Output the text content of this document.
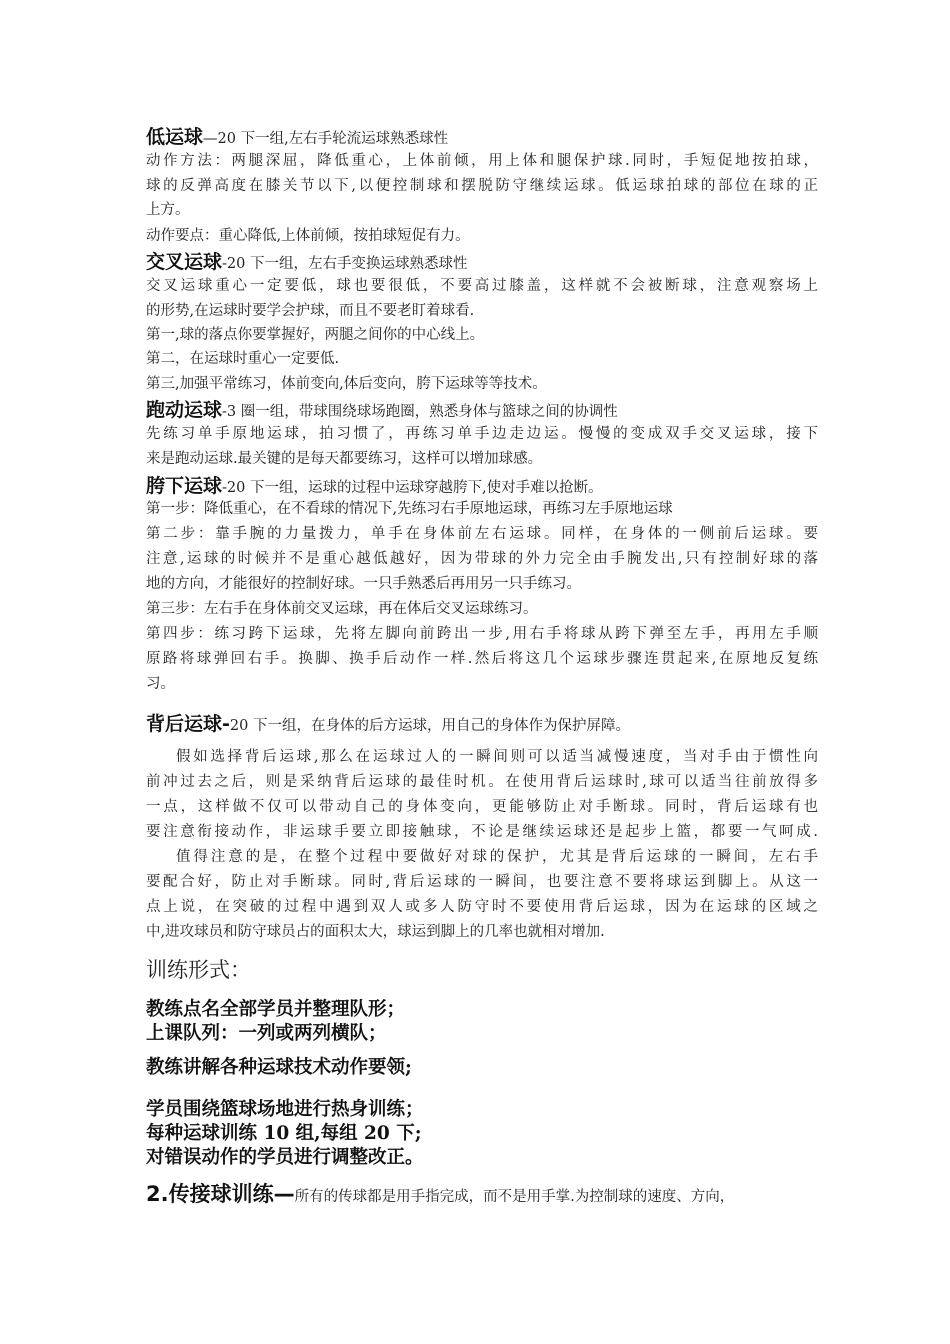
低运球—20 下一组,左右手轮流运球熟悉球性
动作方法：两腿深屈，降低重心，上体前倾，用上体和腿保护球.同时，手短促地按拍球，
球的反弹高度在膝关节以下,以便控制球和摆脱防守继续运球。低运球拍球的部位在球的正
上方。
动作要点：重心降低,上体前倾，按拍球短促有力。
交叉运球-20 下一组，左右手变换运球熟悉球性
交叉运球重心一定要低，球也要很低，不要高过膝盖，这样就不会被断球，注意观察场上
的形势,在运球时要学会护球，而且不要老盯着球看.
第一,球的落点你要掌握好，两腿之间你的中心线上。
第二，在运球时重心一定要低.
第三,加强平常练习，体前变向,体后变向，胯下运球等等技术。
跑动运球-3 圈一组，带球围绕球场跑圈，熟悉身体与篮球之间的协调性
先练习单手原地运球，拍习惯了，再练习单手边走边运。慢慢的变成双手交叉运球，接下
来是跑动运球.最关键的是每天都要练习，这样可以增加球感。
胯下运球-20 下一组，运球的过程中运球穿越胯下,使对手难以抢断。
第一步：降低重心，在不看球的情况下,先练习右手原地运球，再练习左手原地运球
第二步：靠手腕的力量拨力，单手在身体前左右运球。同样，在身体的一侧前后运球。要
注意,运球的时候并不是重心越低越好，因为带球的外力完全由手腕发出,只有控制好球的落
地的方向，才能很好的控制好球。一只手熟悉后再用另一只手练习。
第三步：左右手在身体前交叉运球，再在体后交叉运球练习。
第四步：练习跨下运球，先将左脚向前跨出一步,用右手将球从跨下弹至左手，再用左手顺
原路将球弹回右手。换脚、换手后动作一样.然后将这几个运球步骤连贯起来,在原地反复练
习。
背后运球-20 下一组，在身体的后方运球，用自己的身体作为保护屏障。
假如选择背后运球,那么在运球过人的一瞬间则可以适当减慢速度，当对手由于惯性向
前冲过去之后，则是采纳背后运球的最佳时机。在使用背后运球时,球可以适当往前放得多
一点，这样做不仅可以带动自己的身体变向，更能够防止对手断球。同时，背后运球有也
要注意衔接动作，非运球手要立即接触球，不论是继续运球还是起步上篮，都要一气呵成.
值得注意的是，在整个过程中要做好对球的保护，尤其是背后运球的一瞬间，左右手
要配合好，防止对手断球。同时,背后运球的一瞬间，也要注意不要将球运到脚上。从这一
点上说，在突破的过程中遇到双人或多人防守时不要使用背后运球，因为在运球的区域之
中,进攻球员和防守球员占的面积太大，球运到脚上的几率也就相对增加.
训练形式：
教练点名全部学员并整理队形；
上课队列：一列或两列横队；
教练讲解各种运球技术动作要领;
学员围绕篮球场地进行热身训练；
每种运球训练 10 组,每组 20 下;
对错误动作的学员进行调整改正。
2.传接球训练—所有的传球都是用手指完成，而不是用手掌.为控制球的速度、方向，
